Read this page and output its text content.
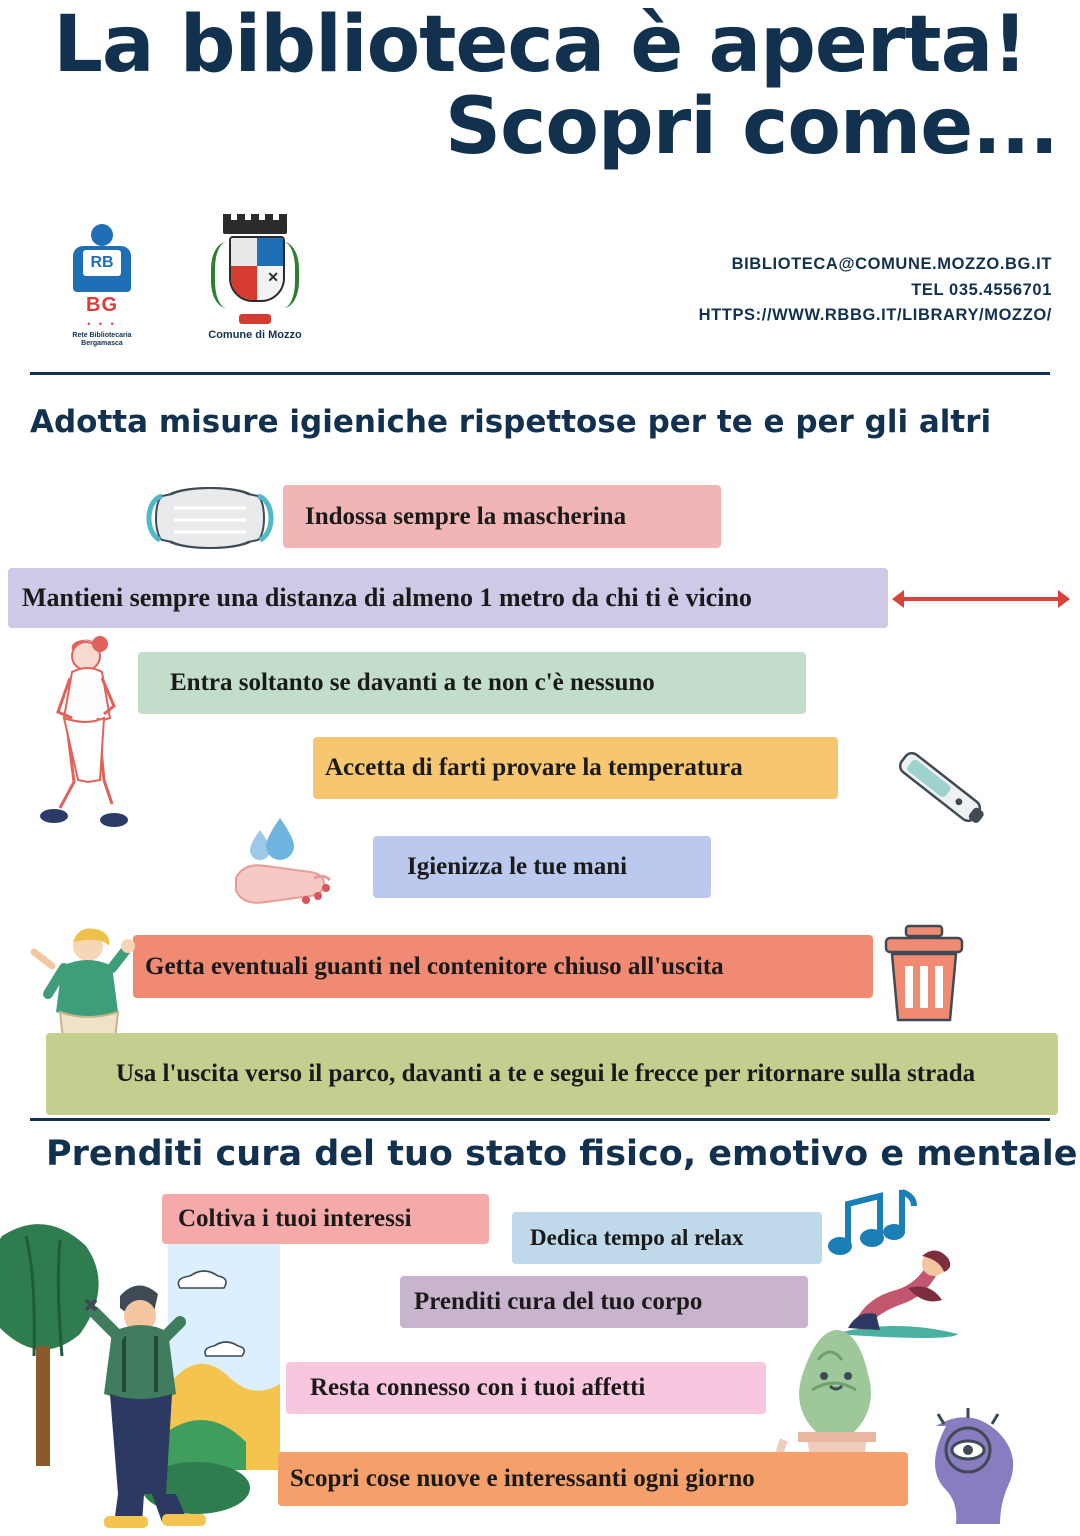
La biblioteca è aperta!
Scopri come...
RB
BG
• • •
Rete Bibliotecaria Bergamasca
✕
Comune di Mozzo
BIBLIOTECA@COMUNE.MOZZO.BG.IT
TEL 035.4556701
HTTPS://WWW.RBBG.IT/LIBRARY/MOZZO/
Adotta misure igieniche rispettose per te e per gli altri
Indossa sempre la mascherina
Mantieni sempre una distanza di almeno 1 metro da chi ti è vicino
Entra soltanto se davanti a te non c'è nessuno
Accetta di farti provare la temperatura
Igienizza le tue mani
Getta eventuali guanti nel contenitore chiuso all'uscita
Usa l'uscita verso il parco, davanti a te e segui le frecce per ritornare sulla strada
Prenditi cura del tuo stato fisico, emotivo e mentale
Coltiva i tuoi interessi
Dedica tempo al relax
Prenditi cura del tuo corpo
Resta connesso con i tuoi affetti
Scopri cose nuove e interessanti ogni giorno
